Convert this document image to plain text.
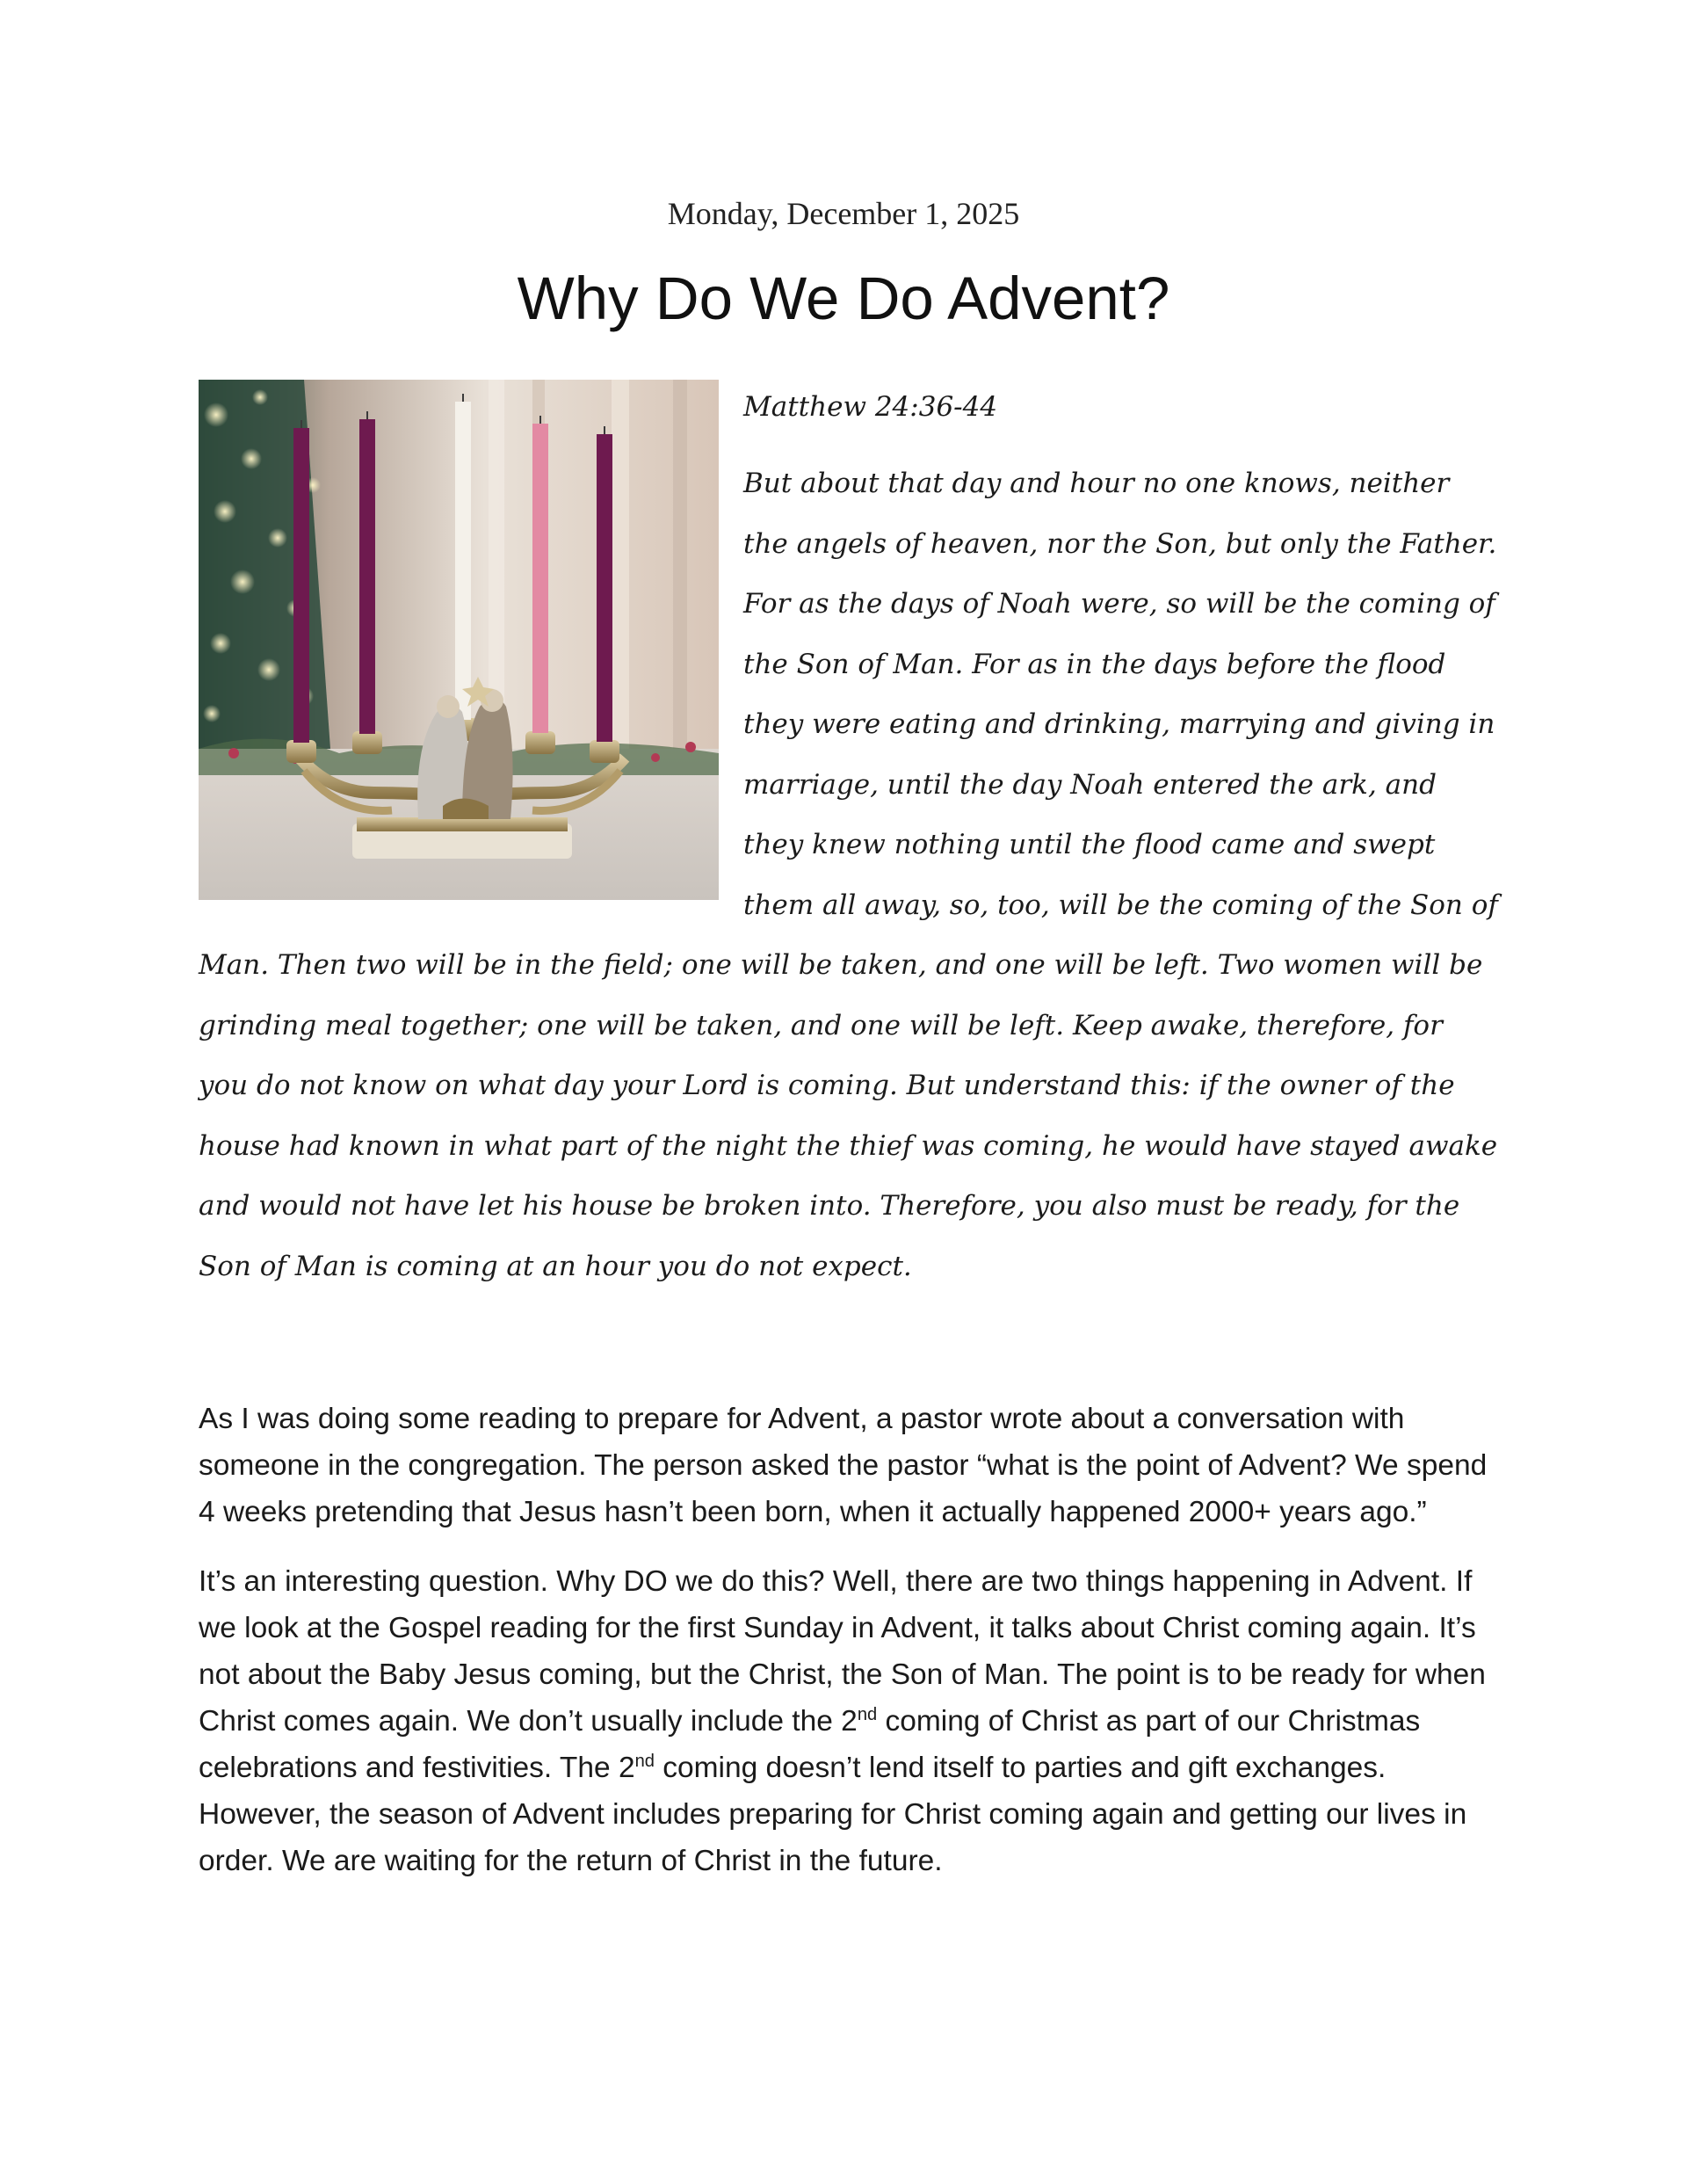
Monday, December 1, 2025
Why Do We Do Advent?
Matthew 24:36-44

But about that day and hour no one knows, neither the angels of heaven, nor the Son, but only the Father. For as the days of Noah were, so will be the coming of the Son of Man. For as in the days before the flood they were eating and drinking, marrying and giving in marriage, until the day Noah entered the ark, and they knew nothing until the flood came and swept them all away, so, too, will be the coming of the Son of Man. Then two will be in the field; one will be taken, and one will be left. Two women will be grinding meal together; one will be taken, and one will be left. Keep awake, therefore, for you do not know on what day your Lord is coming. But understand this: if the owner of the house had known in what part of the night the thief was coming, he would have stayed awake and would not have let his house be broken into. Therefore, you also must be ready, for the Son of Man is coming at an hour you do not expect.

As I was doing some reading to prepare for Advent, a pastor wrote about a conversation with someone in the congregation. The person asked the pastor “what is the point of Advent? We spend 4 weeks pretending that Jesus hasn’t been born, when it actually happened 2000+ years ago.”

It’s an interesting question. Why DO we do this? Well, there are two things happening in Advent. If we look at the Gospel reading for the first Sunday in Advent, it talks about Christ coming again. It’s not about the Baby Jesus coming, but the Christ, the Son of Man. The point is to be ready for when Christ comes again. We don’t usually include the 2nd coming of Christ as part of our Christmas celebrations and festivities. The 2nd coming doesn’t lend itself to parties and gift exchanges. However, the season of Advent includes preparing for Christ coming again and getting our lives in order. We are waiting for the return of Christ in the future.
